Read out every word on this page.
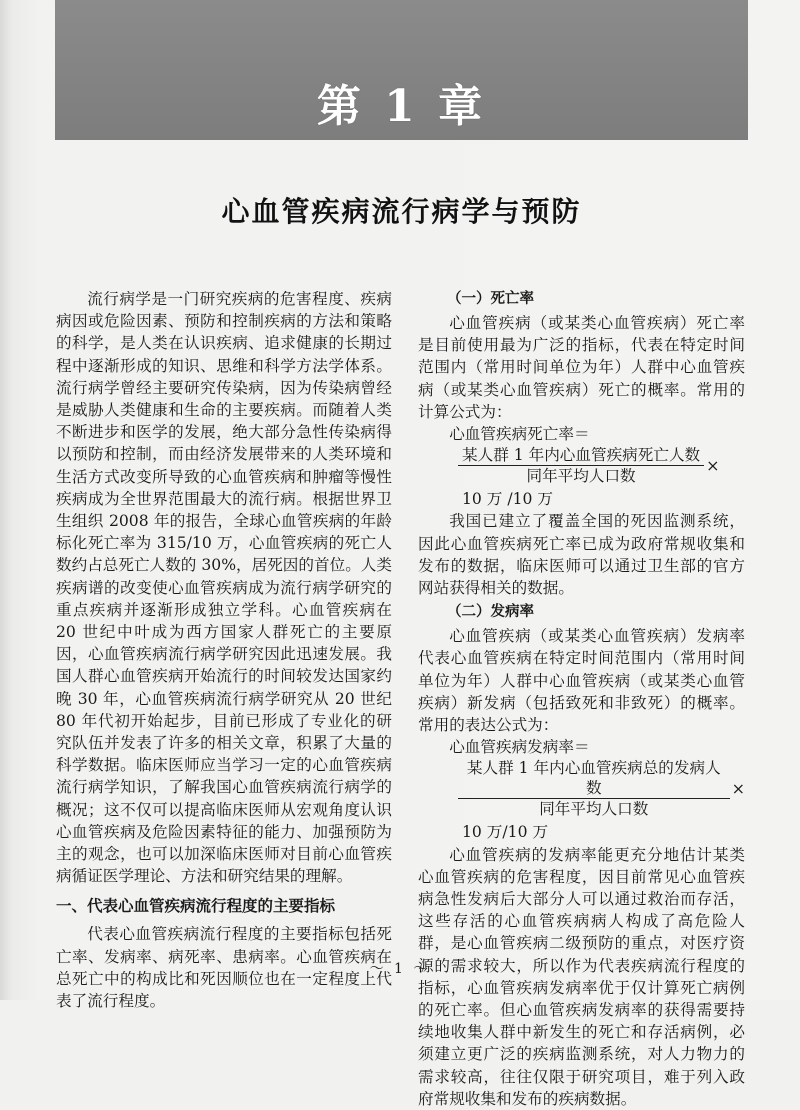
第 1 章
心血管疾病流行病学与预防

流行病学是一门研究疾病的危害程度、疾病病因或危险因素、预防和控制疾病的方法和策略的科学，是人类在认识疾病、追求健康的长期过程中逐渐形成的知识、思维和科学方法学体系。流行病学曾经主要研究传染病，因为传染病曾经是威胁人类健康和生命的主要疾病。而随着人类不断进步和医学的发展，绝大部分急性传染病得以预防和控制，而由经济发展带来的人类环境和生活方式改变所导致的心血管疾病和肿瘤等慢性疾病成为全世界范围最大的流行病。根据世界卫生组织 2008 年的报告，全球心血管疾病的年龄标化死亡率为 315/10 万，心血管疾病的死亡人数约占总死亡人数的 30%，居死因的首位。人类疾病谱的改变使心血管疾病成为流行病学研究的重点疾病并逐渐形成独立学科。心血管疾病在 20 世纪中叶成为西方国家人群死亡的主要原因，心血管疾病流行病学研究因此迅速发展。我国人群心血管疾病开始流行的时间较发达国家约晚 30 年，心血管疾病流行病学研究从 20 世纪 80 年代初开始起步，目前已形成了专业化的研究队伍并发表了许多的相关文章，积累了大量的科学数据。临床医师应当学习一定的心血管疾病流行病学知识，了解我国心血管疾病流行病学的概况；这不仅可以提高临床医师从宏观角度认识心血管疾病及危险因素特征的能力、加强预防为主的观念，也可以加深临床医师对目前心血管疾病循证医学理论、方法和研究结果的理解。

一、代表心血管疾病流行程度的主要指标

代表心血管疾病流行程度的主要指标包括死亡率、发病率、病死率、患病率。心血管疾病在总死亡中的构成比和死因顺位也在一定程度上代表了流行程度。

（一）死亡率

心血管疾病（或某类心血管疾病）死亡率是目前使用最为广泛的指标，代表在特定时间范围内（常用时间单位为年）人群中心血管疾病（或某类心血管疾病）死亡的概率。常用的计算公式为：

心血管疾病死亡率＝

$\frac{\text{某人群 1 年内心血管疾病死亡人数}}{\text{同年平均人口数}}$ ×

10 万 /10 万

我国已建立了覆盖全国的死因监测系统，因此心血管疾病死亡率已成为政府常规收集和发布的数据，临床医师可以通过卫生部的官方网站获得相关的数据。

（二）发病率

心血管疾病（或某类心血管疾病）发病率代表心血管疾病在特定时间范围内（常用时间单位为年）人群中心血管疾病（或某类心血管疾病）新发病（包括致死和非致死）的概率。常用的表达公式为：

心血管疾病发病率＝

$\frac{\text{某人群 1 年内心血管疾病总的发病人数}}{\text{同年平均人口数}}$ ×

10 万/10 万

心血管疾病的发病率能更充分地估计某类心血管疾病的危害程度，因目前常见心血管疾病急性发病后大部分人可以通过救治而存活，这些存活的心血管疾病病人构成了高危险人群，是心血管疾病二级预防的重点，对医疗资源的需求较大，所以作为代表疾病流行程度的指标，心血管疾病发病率优于仅计算死亡病例的死亡率。但心血管疾病发病率的获得需要持续地收集人群中新发生的死亡和存活病例，必须建立更广泛的疾病监测系统，对人力物力的需求较高，往往仅限于研究项目，难于列入政府常规收集和发布的疾病数据。

～ 1 ～
